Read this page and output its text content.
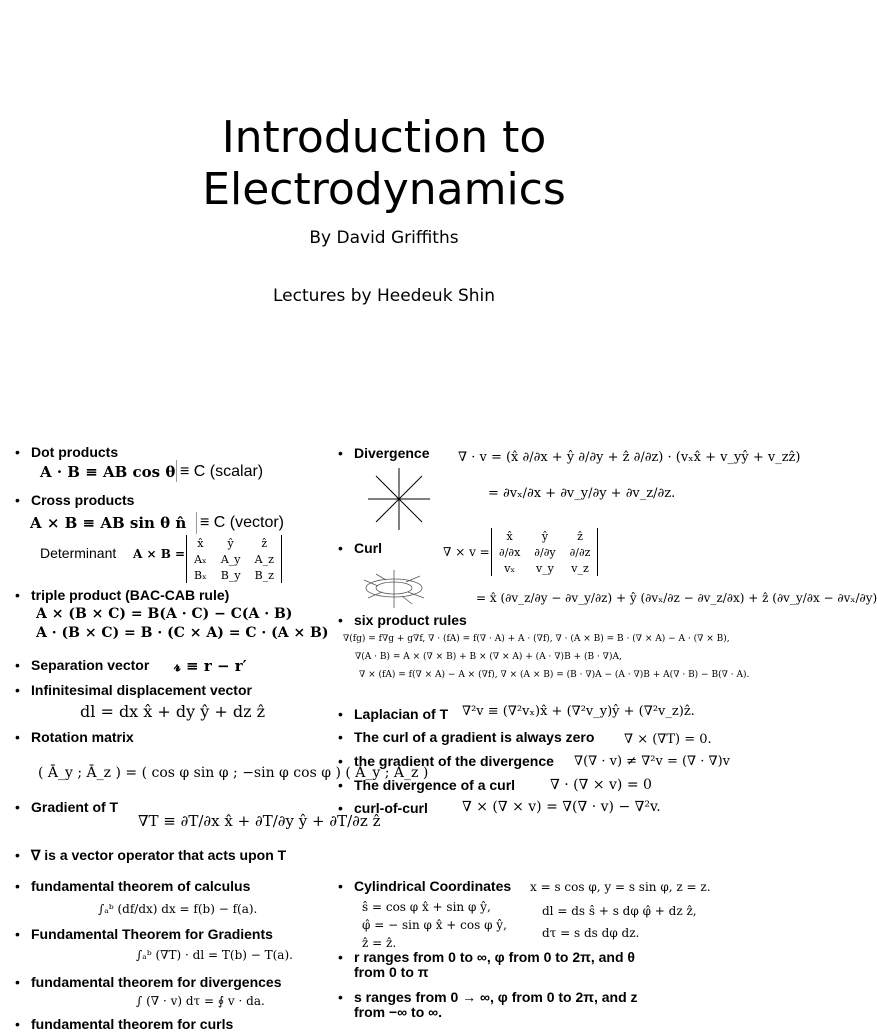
Introduction to
Electrodynamics
By David Griffiths
Lectures by Heedeuk Shin
• Dot products
A · B ≡ AB cos θ ≡ C (scalar)
• Cross products
A × B ≡ AB sin θ n̂ ≡ C (vector)
Determinant A × B =
x̂	ŷ	ẑ
Aₓ	A_y	A_z
Bₓ	B_y	B_z
• triple product (BAC-CAB rule)
A × (B × C) = B(A · C) − C(A · B)
A · (B × C) = B · (C × A) = C · (A × B)
• Separation vector 𝓻 ≡ r − r′
• Infinitesimal displacement vector
dl = dx x̂ + dy ŷ + dz ẑ
• Rotation matrix
( Ā_y ; Ā_z ) = ( cos φ sin φ ; −sin φ cos φ ) ( A_y ; A_z )
• Gradient of T
∇T ≡ ∂T/∂x x̂ + ∂T/∂y ŷ + ∂T/∂z ẑ
• ∇ is a vector operator that acts upon T
• fundamental theorem of calculus
∫ₐᵇ (df/dx) dx = f(b) − f(a).
• Fundamental Theorem for Gradients
∫ₐᵇ (∇T) · dl = T(b) − T(a).
• fundamental theorem for divergences
∫ (∇ · v) dτ = ∮ v · da.
• fundamental theorem for curls
• Divergence ∇ · v = (x̂ ∂/∂x + ŷ ∂/∂y + ẑ ∂/∂z) · (vₓx̂ + v_yŷ + v_zẑ)
= ∂vₓ/∂x + ∂v_y/∂y + ∂v_z/∂z.
• Curl	∇ × v =
x̂	ŷ	ẑ
∂/∂x	∂/∂y	∂/∂z
vₓ	v_y	v_z
= x̂ (∂v_z/∂y − ∂v_y/∂z) + ŷ (∂vₓ/∂z − ∂v_z/∂x) + ẑ (∂v_y/∂x − ∂vₓ/∂y)
• six product rules
∇(fg) = f∇g + g∇f, ∇ · (fA) = f(∇ · A) + A · (∇f), ∇ · (A × B) = B · (∇ × A) − A · (∇ × B),
∇(A · B) = A × (∇ × B) + B × (∇ × A) + (A · ∇)B + (B · ∇)A,
∇ × (fA) = f(∇ × A) − A × (∇f), ∇ × (A × B) = (B · ∇)A − (A · ∇)B + A(∇ · B) − B(∇ · A).
• Laplacian of T ∇²v ≡ (∇²vₓ)x̂ + (∇²v_y)ŷ + (∇²v_z)ẑ.
• The curl of a gradient is always zero ∇ × (∇T) = 0.
• the gradient of the divergence ∇(∇ · v) ≠ ∇²v = (∇ · ∇)v
• The divergence of a curl ∇ · (∇ × v) = 0
• curl-of-curl ∇ × (∇ × v) = ∇(∇ · v) − ∇²v.
• Cylindrical Coordinates x = s cos φ, y = s sin φ, z = z.
ŝ = cos φ x̂ + sin φ ŷ,
φ̂ = − sin φ x̂ + cos φ ŷ,
ẑ = ẑ.
dl = ds ŝ + s dφ φ̂ + dz ẑ,
dτ = s ds dφ dz.
• r ranges from 0 to ∞, φ from 0 to 2π, and θ
from 0 to π
• s ranges from 0 → ∞, φ from 0 to 2π, and z
from −∞ to ∞.
